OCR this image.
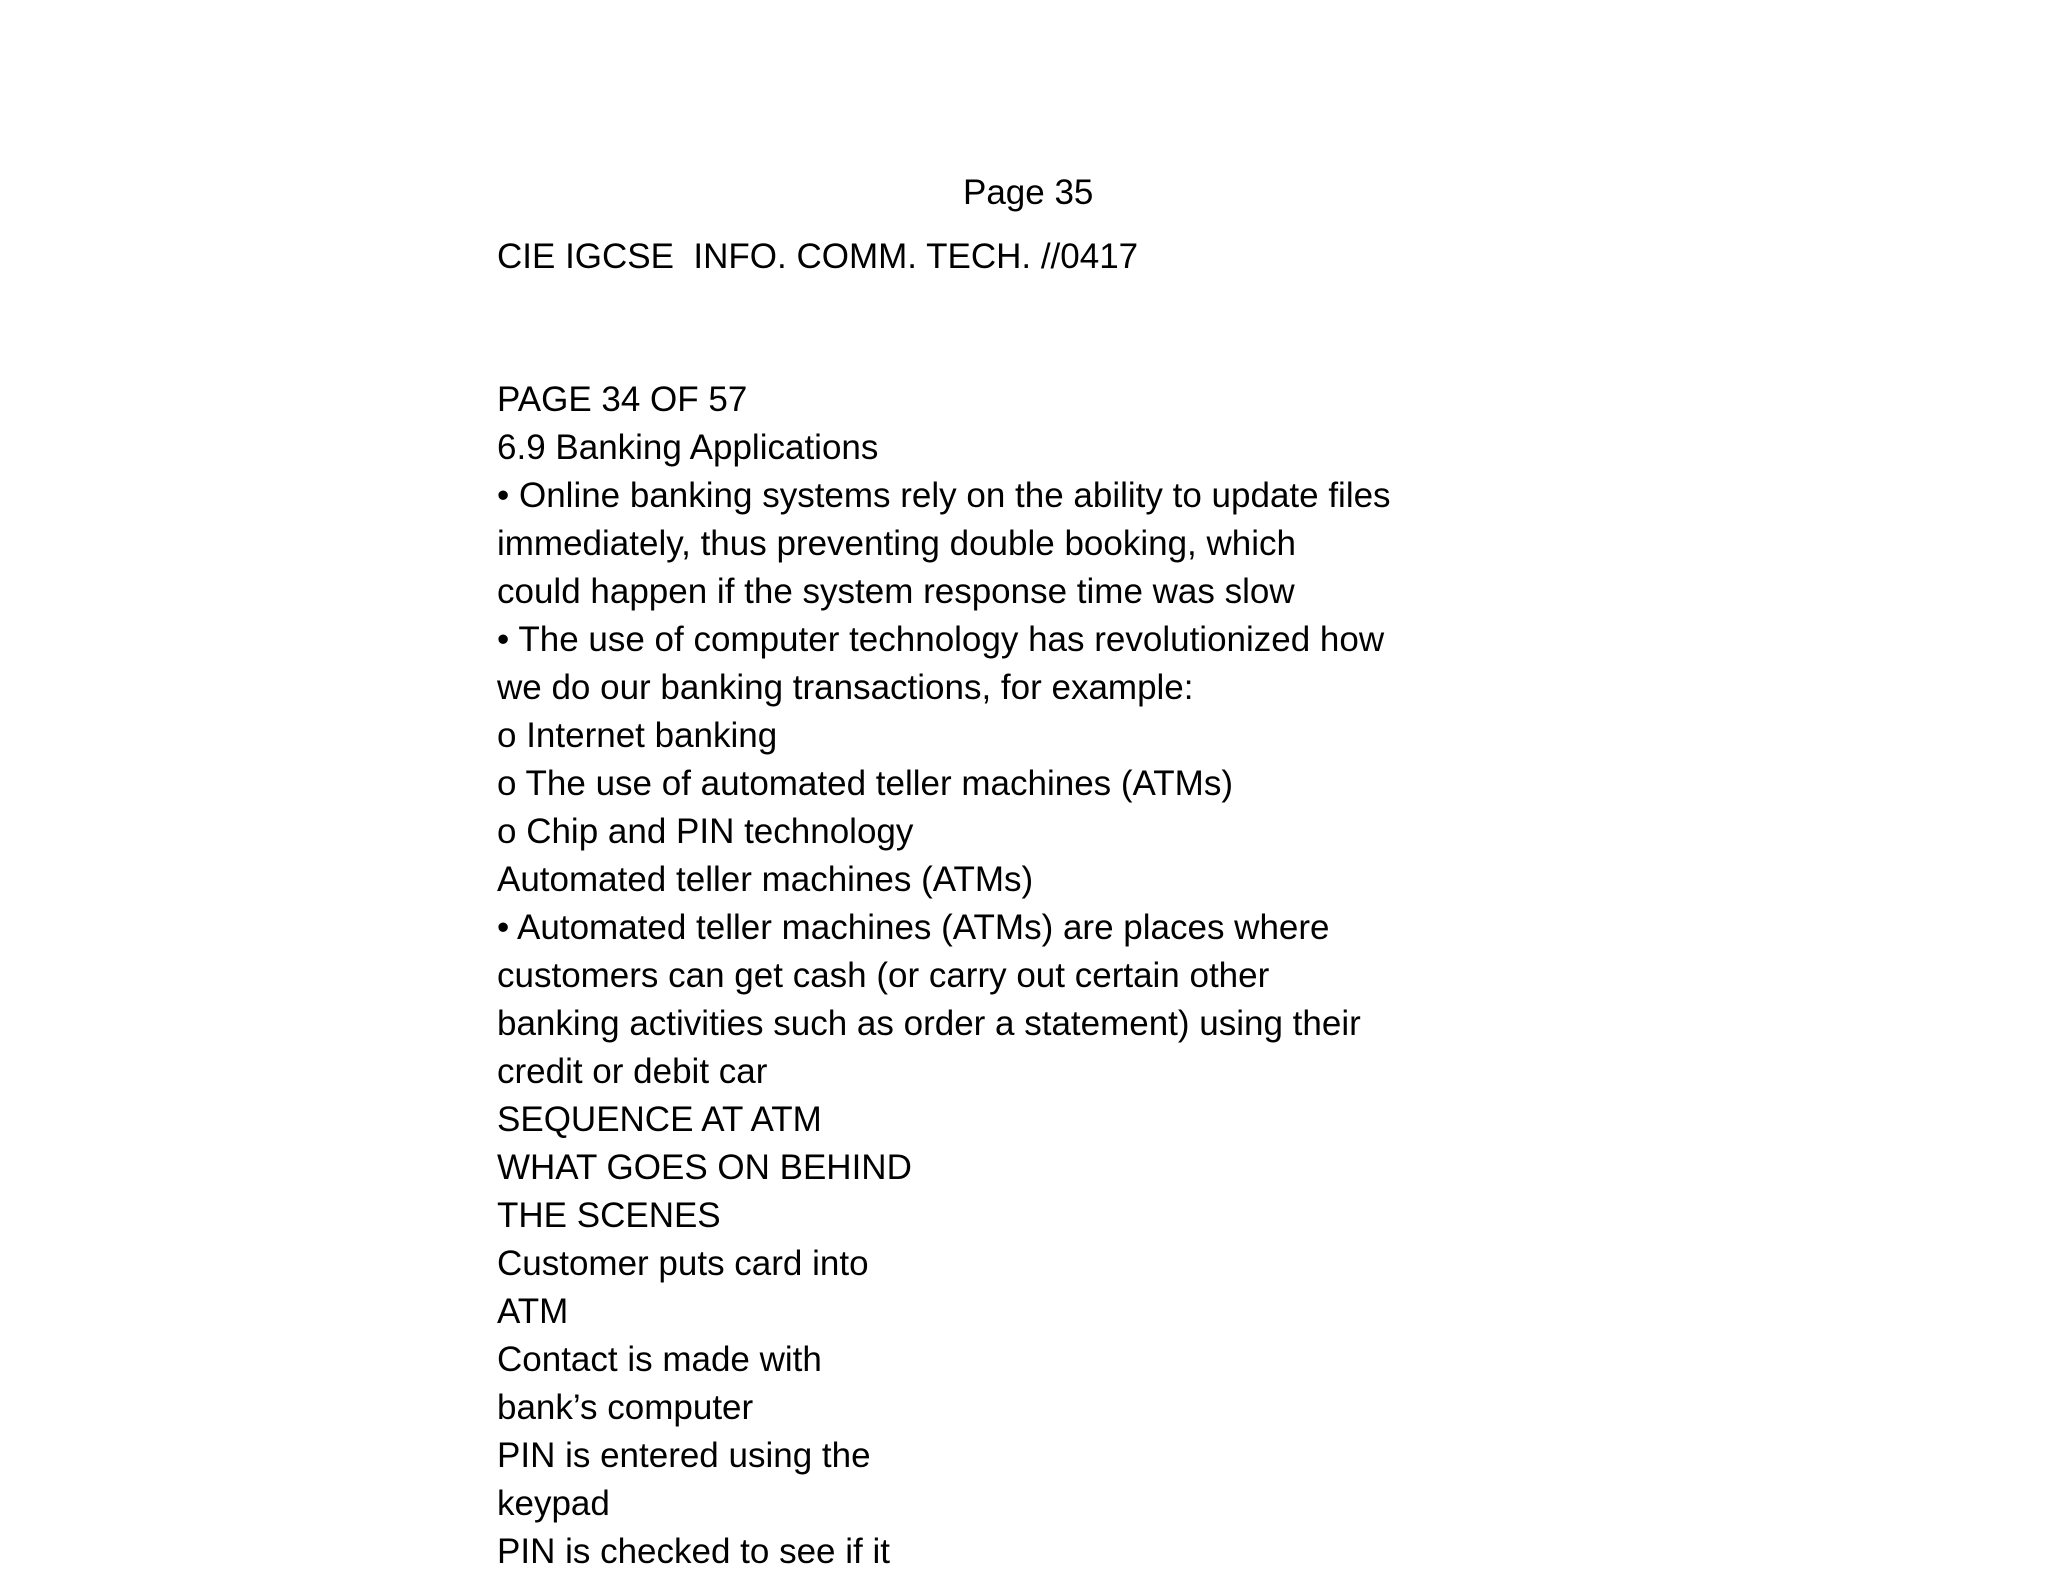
Page 35
CIE IGCSE  INFO. COMM. TECH. //0417
PAGE 34 OF 57
6.9 Banking Applications
• Online banking systems rely on the ability to update files
immediately, thus preventing double booking, which
could happen if the system response time was slow
• The use of computer technology has revolutionized how
we do our banking transactions, for example:
o Internet banking
o The use of automated teller machines (ATMs)
o Chip and PIN technology
Automated teller machines (ATMs)
• Automated teller machines (ATMs) are places where
customers can get cash (or carry out certain other
banking activities such as order a statement) using their
credit or debit car
SEQUENCE AT ATM
WHAT GOES ON BEHIND
THE SCENES
Customer puts card into
ATM
Contact is made with
bank’s computer
PIN is entered using the
keypad
PIN is checked to see if it
